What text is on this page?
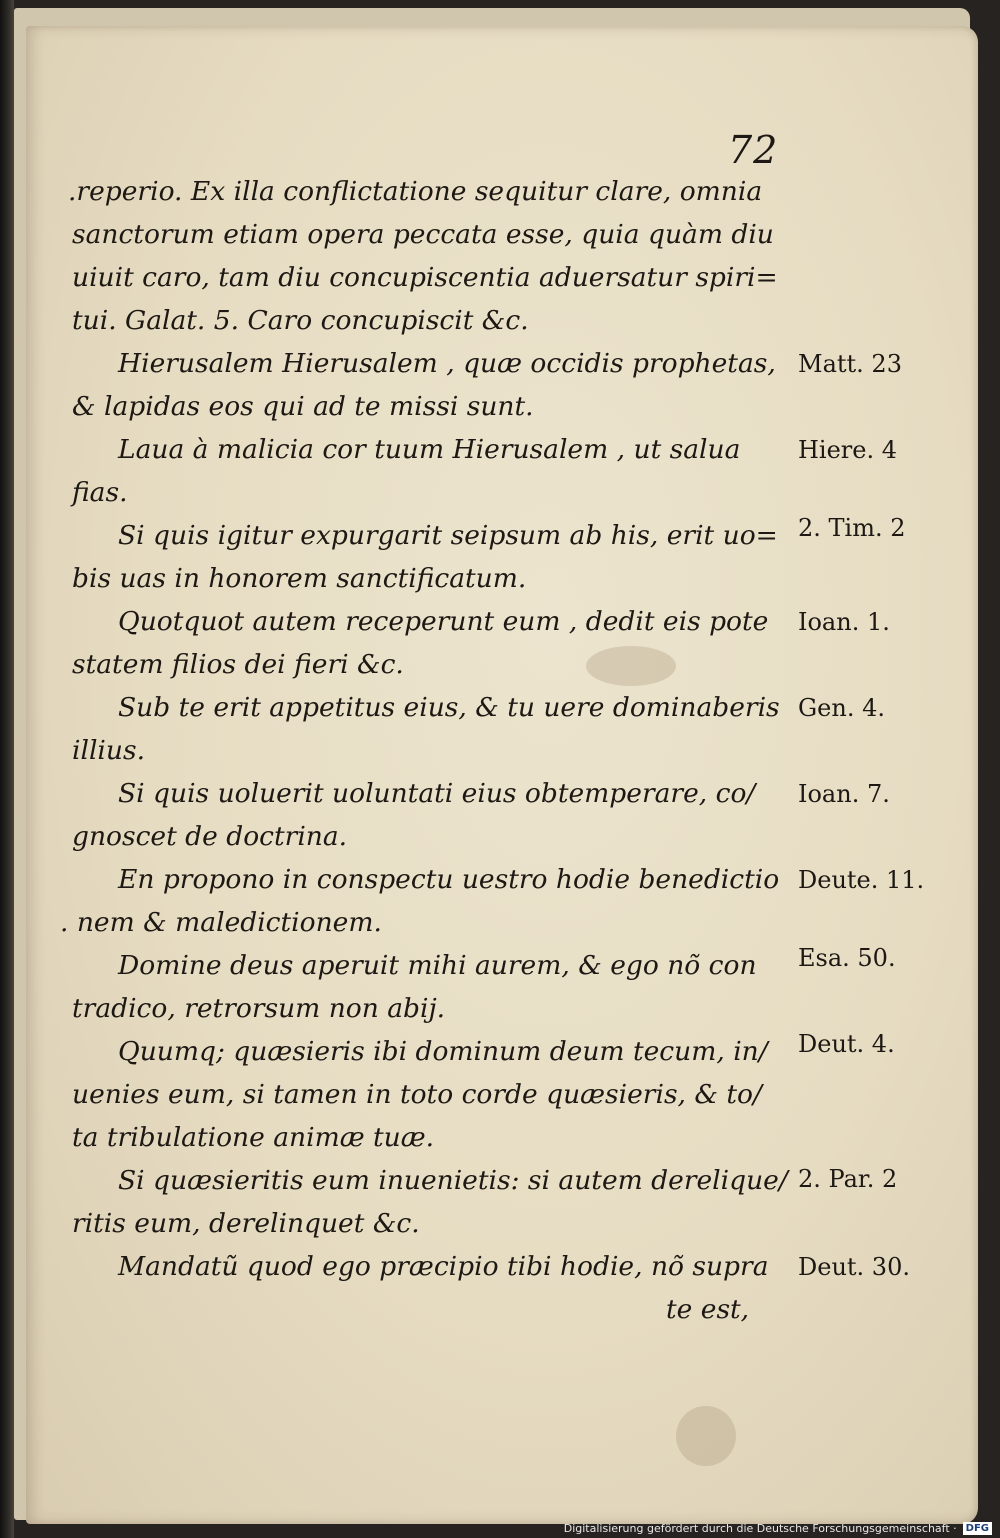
72

.reperio. Ex illa conflictatione sequitur clare, omnia

sanctorum etiam opera peccata esse, quia quàm diu

uiuit caro, tam diu concupiscentia aduersatur spiri=

tui. Galat. 5. Caro concupiscit &c.

Hierusalem Hierusalem , quæ occidis prophetas,

& lapidas eos qui ad te missi sunt.

Laua à malicia cor tuum Hierusalem , ut salua

fias.

Si quis igitur expurgarit seipsum ab his, erit uo=

bis uas in honorem sanctificatum.

Quotquot autem receperunt eum , dedit eis pote

statem filios dei fieri &c.

Sub te erit appetitus eius, & tu uere dominaberis

illius.

Si quis uoluerit uoluntati eius obtemperare, co/

gnoscet de doctrina.

En propono in conspectu uestro hodie benedictio

. nem & maledictionem.

Domine deus aperuit mihi aurem, & ego nõ con

tradico, retrorsum non abij.

Quumq; quæsieris ibi dominum deum tecum, in/

uenies eum, si tamen in toto corde quæsieris, & to/

ta tribulatione animæ tuæ.

Si quæsieritis eum inuenietis: si autem derelique/

ritis eum, derelinquet &c.

Mandatũ quod ego præcipio tibi hodie, nõ supra

te est,

Matt. 23
Hiere. 4
2. Tim. 2
Ioan. 1.
Gen. 4.
Ioan. 7.
Deute. 11.
Esa. 50.
Deut. 4.
2. Par. 2
Deut. 30.
Digitalisierung gefördert durch die Deutsche Forschungsgemeinschaft · DFG
